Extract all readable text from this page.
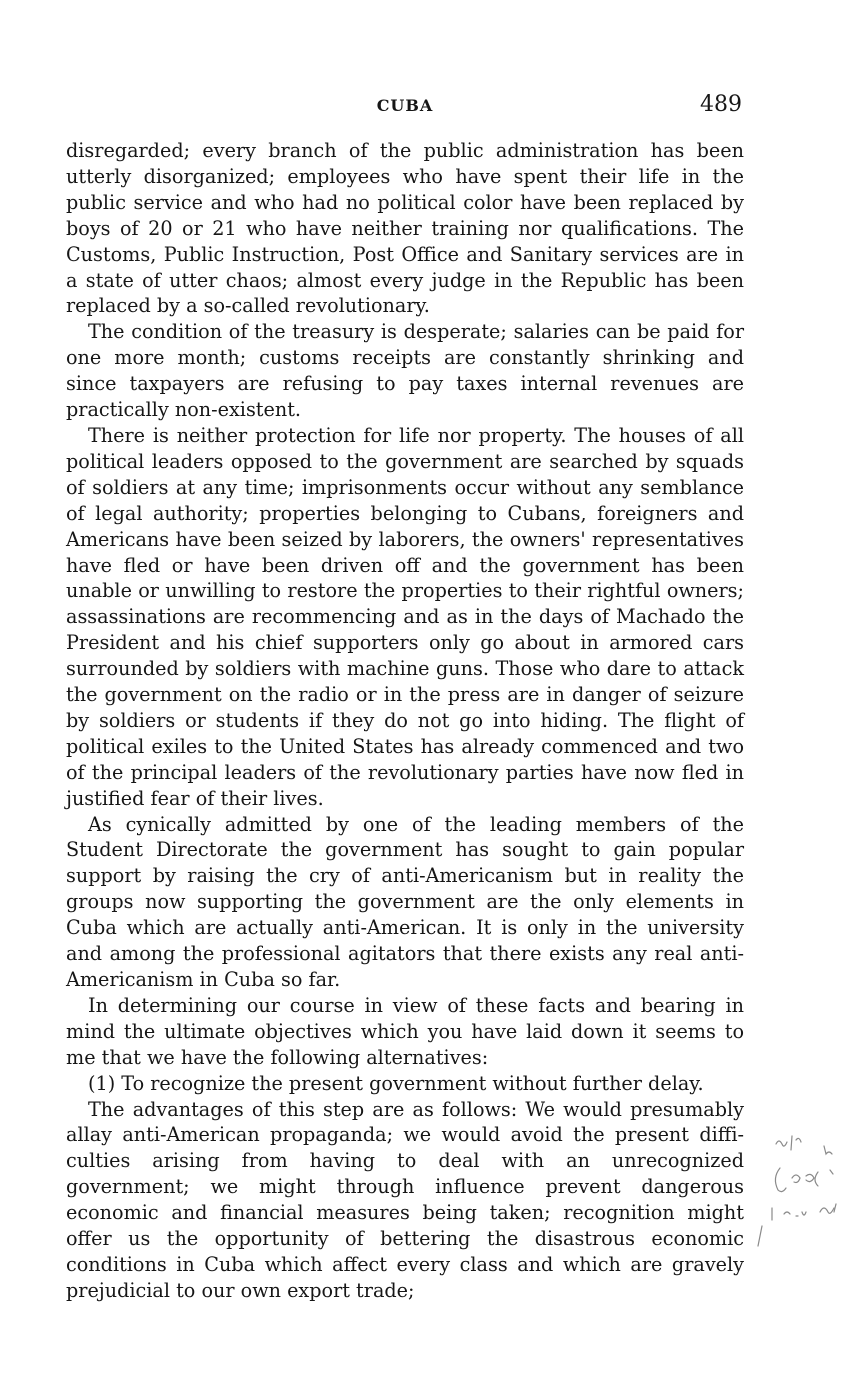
CUBA	489

disregarded; every branch of the public administration has been utterly disorganized; employees who have spent their life in the public service and who had no political color have been replaced by boys of 20 or 21 who have neither training nor qualifications. The Customs, Public Instruction, Post Office and Sanitary services are in a state of utter chaos; almost every judge in the Republic has been replaced by a so-called revolutionary.

The condition of the treasury is desperate; salaries can be paid for one more month; customs receipts are constantly shrinking and since taxpayers are refusing to pay taxes internal revenues are practically non-existent.

There is neither protection for life nor property. The houses of all political leaders opposed to the government are searched by squads of soldiers at any time; imprisonments occur without any semblance of legal authority; properties belonging to Cubans, foreigners and Americans have been seized by laborers, the owners' representatives have fled or have been driven off and the government has been unable or unwilling to restore the properties to their rightful owners; assassinations are recommencing and as in the days of Machado the President and his chief supporters only go about in armored cars surrounded by soldiers with machine guns. Those who dare to attack the government on the radio or in the press are in danger of seizure by soldiers or students if they do not go into hiding. The flight of political exiles to the United States has already commenced and two of the principal leaders of the revolutionary parties have now fled in justified fear of their lives.

As cynically admitted by one of the leading members of the Student Directorate the government has sought to gain popular support by raising the cry of anti-Americanism but in reality the groups now supporting the government are the only elements in Cuba which are actually anti-American. It is only in the university and among the professional agitators that there exists any real anti-Americanism in Cuba so far.

In determining our course in view of these facts and bearing in mind the ultimate objectives which you have laid down it seems to me that we have the following alternatives:

(1) To recognize the present government without further delay.

The advantages of this step are as follows: We would presumably allay anti-American propaganda; we would avoid the present difficulties arising from having to deal with an unrecognized government; we might through influence prevent dangerous economic and financial measures being taken; recognition might offer us the opportunity of bettering the disastrous economic conditions in Cuba which affect every class and which are gravely prejudicial to our own export trade;
